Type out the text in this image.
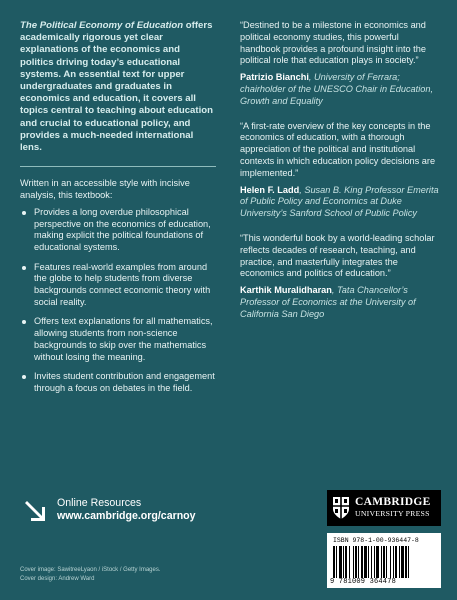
The Political Economy of Education offers academically rigorous yet clear explanations of the economics and politics driving today’s educational systems. An essential text for upper undergraduates and graduates in economics and education, it covers all topics central to teaching about education and crucial to educational policy, and provides a much-needed international lens.

Written in an accessible style with incisive analysis, this textbook:

Provides a long overdue philosophical perspective on the economics of education, making explicit the political foundations of educational systems.
Features real-world examples from around the globe to help students from diverse backgrounds connect economic theory with social reality.
Offers text explanations for all mathematics, allowing students from non-science backgrounds to skip over the mathematics without losing the meaning.
Invites student contribution and engagement through a focus on debates in the field.

“Destined to be a milestone in economics and political economy studies, this powerful handbook provides a profound insight into the political role that education plays in society.”

Patrizio Bianchi, University of Ferrara; chairholder of the UNESCO Chair in Education, Growth and Equality

“A first-rate overview of the key concepts in the economics of education, with a thorough appreciation of the political and institutional contexts in which education policy decisions are implemented.”

Helen F. Ladd, Susan B. King Professor Emerita of Public Policy and Economics at Duke University’s Sanford School of Public Policy

“This wonderful book by a world-leading scholar reflects decades of research, teaching, and practice, and masterfully integrates the economics and politics of education.”

Karthik Muralidharan, Tata Chancellor’s Professor of Economics at the University of California San Diego

Online Resources
www.cambridge.org/carnoy
Cover image: SawitreeLyaon / iStock / Getty Images.
Cover design: Andrew Ward
CAMBRIDGE
UNIVERSITY PRESS
ISBN 978-1-00-936447-8
9 781009 364478
